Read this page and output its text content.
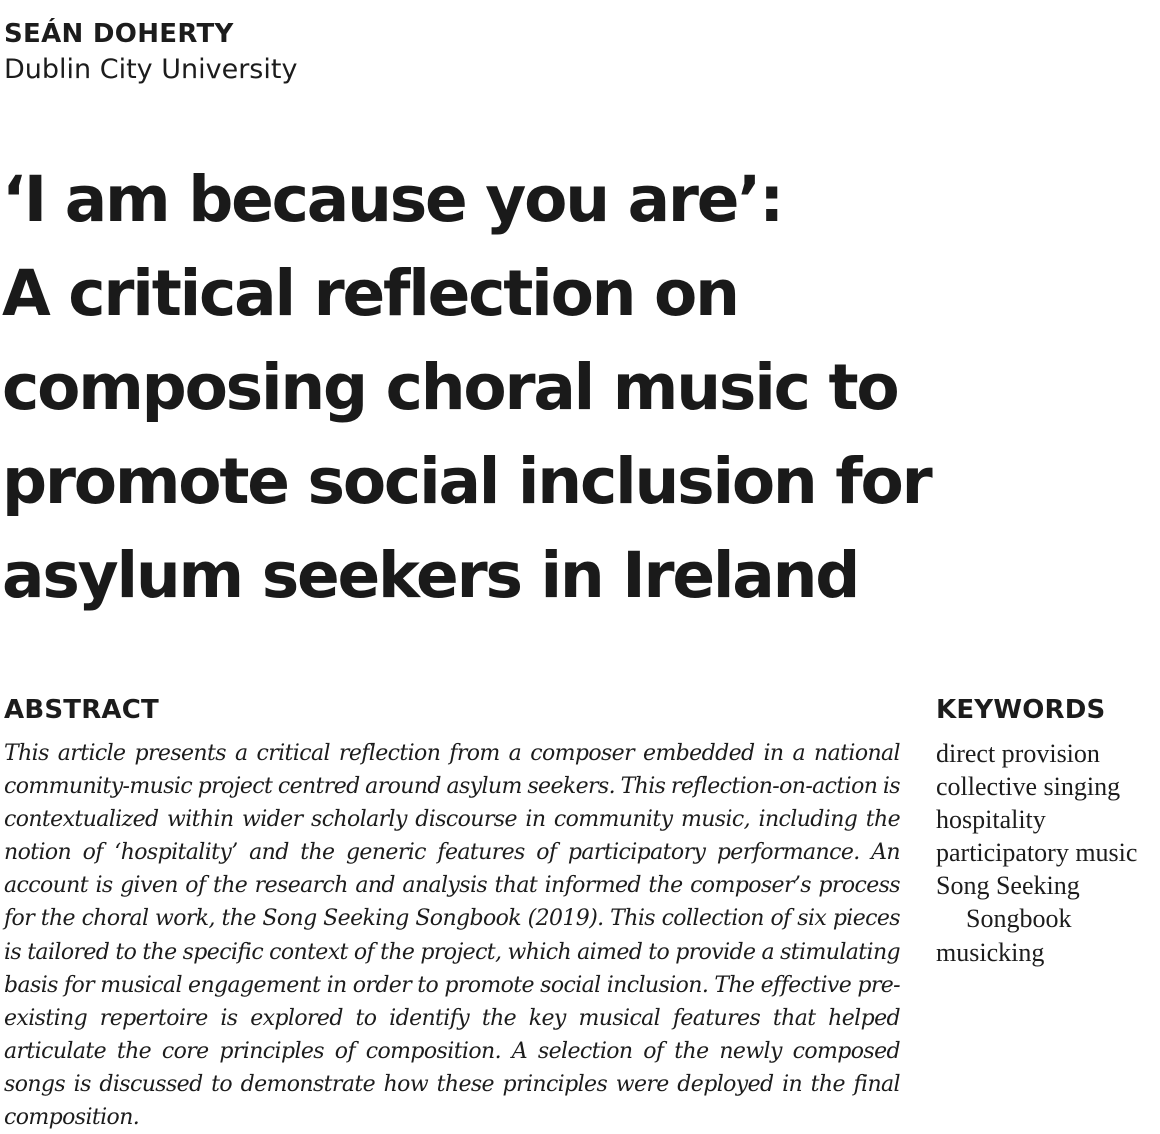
SEÁN DOHERTY
Dublin City University
‘I am because you are’:
A critical reflection on
composing choral music to
promote social inclusion for
asylum seekers in Ireland
ABSTRACT

This article presents a critical reflection from a composer embedded in a national community-music project centred around asylum seekers. This reflection-on-action is contextualized within wider scholarly discourse in community music, including the notion of ‘hospitality’ and the generic features of participatory performance. An account is given of the research and analysis that informed the composer’s process for the choral work, the Song Seeking Songbook (2019). This collection of six pieces is tailored to the specific context of the project, which aimed to provide a stimulating basis for musical engagement in order to promote social inclusion. The effective pre-existing repertoire is explored to identify the key musical features that helped articulate the core principles of composition. A selection of the newly composed songs is discussed to demonstrate how these principles were deployed in the final composition.

KEYWORDS
direct provision
collective singing
hospitality
participatory music
Song Seeking Songbook
musicking
